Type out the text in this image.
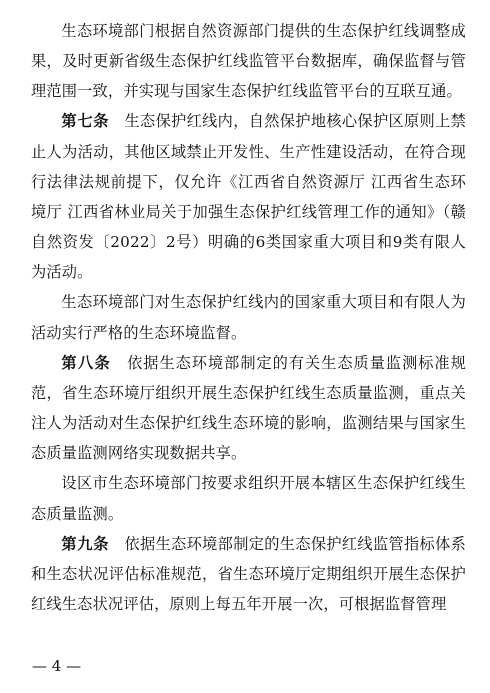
生态环境部门根据自然资源部门提供的生态保护红线调整成果，及时更新省级生态保护红线监管平台数据库，确保监督与管理范围一致，并实现与国家生态保护红线监管平台的互联互通。

第七条 生态保护红线内，自然保护地核心保护区原则上禁止人为活动，其他区域禁止开发性、生产性建设活动，在符合现行法律法规前提下，仅允许《江西省自然资源厅 江西省生态环境厅 江西省林业局关于加强生态保护红线管理工作的通知》（赣自然资发〔2022〕2号）明确的6类国家重大项目和9类有限人为活动。

生态环境部门对生态保护红线内的国家重大项目和有限人为活动实行严格的生态环境监督。

第八条 依据生态环境部制定的有关生态质量监测标准规范，省生态环境厅组织开展生态保护红线生态质量监测，重点关注人为活动对生态保护红线生态环境的影响，监测结果与国家生态质量监测网络实现数据共享。

设区市生态环境部门按要求组织开展本辖区生态保护红线生态质量监测。

第九条 依据生态环境部制定的生态保护红线监管指标体系和生态状况评估标准规范，省生态环境厅定期组织开展生态保护红线生态状况评估，原则上每五年开展一次，可根据监督管理

— 4 —
